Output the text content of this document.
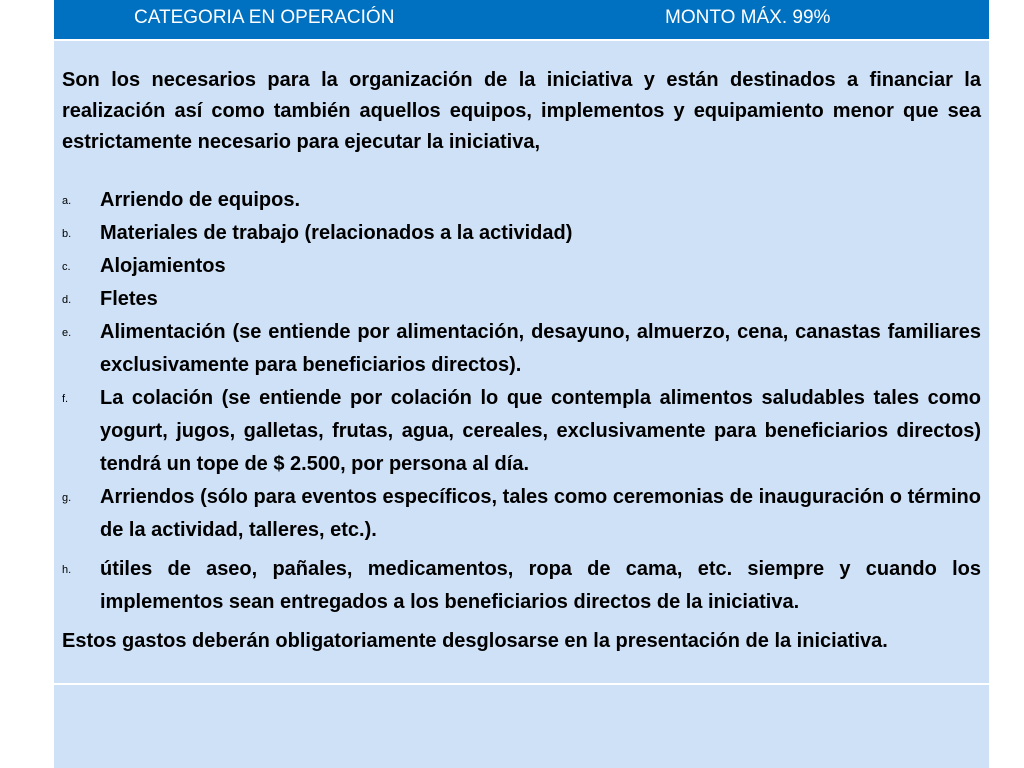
CATEGORIA EN OPERACIÓN	MONTO MÁX. 99%

Son los necesarios para la organización de la iniciativa y están destinados a financiar la realización así como también aquellos equipos, implementos y equipamiento menor que sea estrictamente necesario para ejecutar la iniciativa,

a. Arriendo de equipos.
b. Materiales de trabajo (relacionados a la actividad)
c. Alojamientos
d. Fletes
e. Alimentación (se entiende por alimentación, desayuno, almuerzo, cena, canastas familiares exclusivamente para beneficiarios directos).
f. La colación (se entiende por colación lo que contempla alimentos saludables tales como yogurt, jugos, galletas, frutas, agua, cereales, exclusivamente para beneficiarios directos) tendrá un tope de $ 2.500, por persona al día.
g. Arriendos (sólo para eventos específicos, tales como ceremonias de inauguración o término de la actividad, talleres, etc.).
h. útiles de aseo, pañales, medicamentos, ropa de cama, etc. siempre y cuando los implementos sean entregados a los beneficiarios directos de la iniciativa.

Estos gastos deberán obligatoriamente desglosarse en la presentación de la iniciativa.
